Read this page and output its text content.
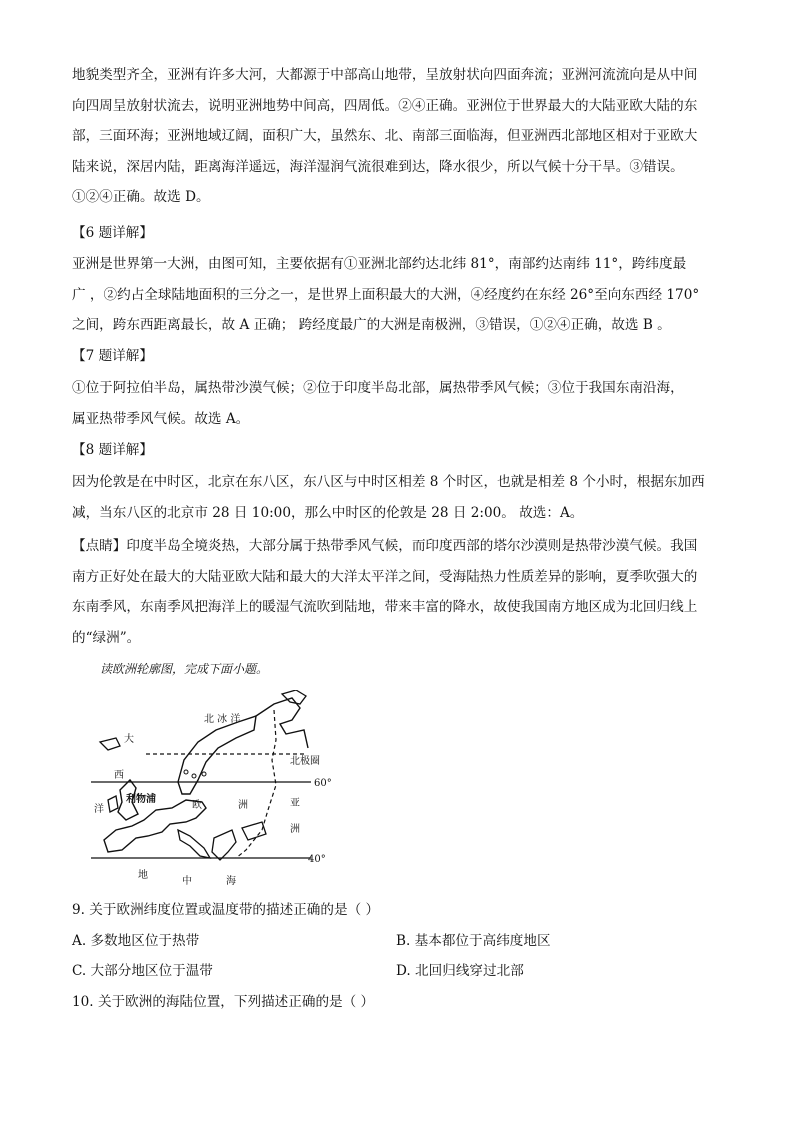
地貌类型齐全，亚洲有许多大河，大都源于中部高山地带，呈放射状向四面奔流；亚洲河流流向是从中间
向四周呈放射状流去，说明亚洲地势中间高，四周低。②④正确。亚洲位于世界最大的大陆亚欧大陆的东
部，三面环海；亚洲地域辽阔，面积广大，虽然东、北、南部三面临海，但亚洲西北部地区相对于亚欧大
陆来说，深居内陆，距离海洋遥远，海洋湿润气流很难到达，降水很少，所以气候十分干旱。③错误。
①②④正确。故选 D。
【6 题详解】
亚洲是世界第一大洲，由图可知，主要依据有①亚洲北部约达北纬 81°，南部约达南纬 11°，跨纬度最
广 ，②约占全球陆地面积的三分之一，是世界上面积最大的大洲，④经度约在东经 26°至向东西经 170°
之间，跨东西距离最长，故 A 正确； 跨经度最广的大洲是南极洲，③错误，①②④正确，故选 B 。
【7 题详解】
①位于阿拉伯半岛，属热带沙漠气候；②位于印度半岛北部，属热带季风气候；③位于我国东南沿海，
属亚热带季风气候。故选 A。
【8 题详解】
因为伦敦是在中时区，北京在东八区，东八区与中时区相差 8 个时区，也就是相差 8 个小时，根据东加西
减，当东八区的北京市 28 日 10:00，那么中时区的伦敦是 28 日 2:00。 故选：A。
【点睛】印度半岛全境炎热，大部分属于热带季风气候，而印度西部的塔尔沙漠则是热带沙漠气候。我国
南方正好处在最大的大陆亚欧大陆和最大的大洋太平洋之间，受海陆热力性质差异的影响，夏季吹强大的
东南季风，东南季风把海洋上的暖湿气流吹到陆地，带来丰富的降水，故使我国南方地区成为北回归线上
的“绿洲”。
读欧洲轮廓图，完成下面小题。
北 冰 洋
大
西
洋
北极圈
60°
40°
利物浦
欧	洲	亚
洲
地
中	海
9. 关于欧洲纬度位置或温度带的描述正确的是（ ）
A. 多数地区位于热带	B. 基本都位于高纬度地区
C. 大部分地区位于温带	D. 北回归线穿过北部
10. 关于欧洲的海陆位置，下列描述正确的是（ ）
